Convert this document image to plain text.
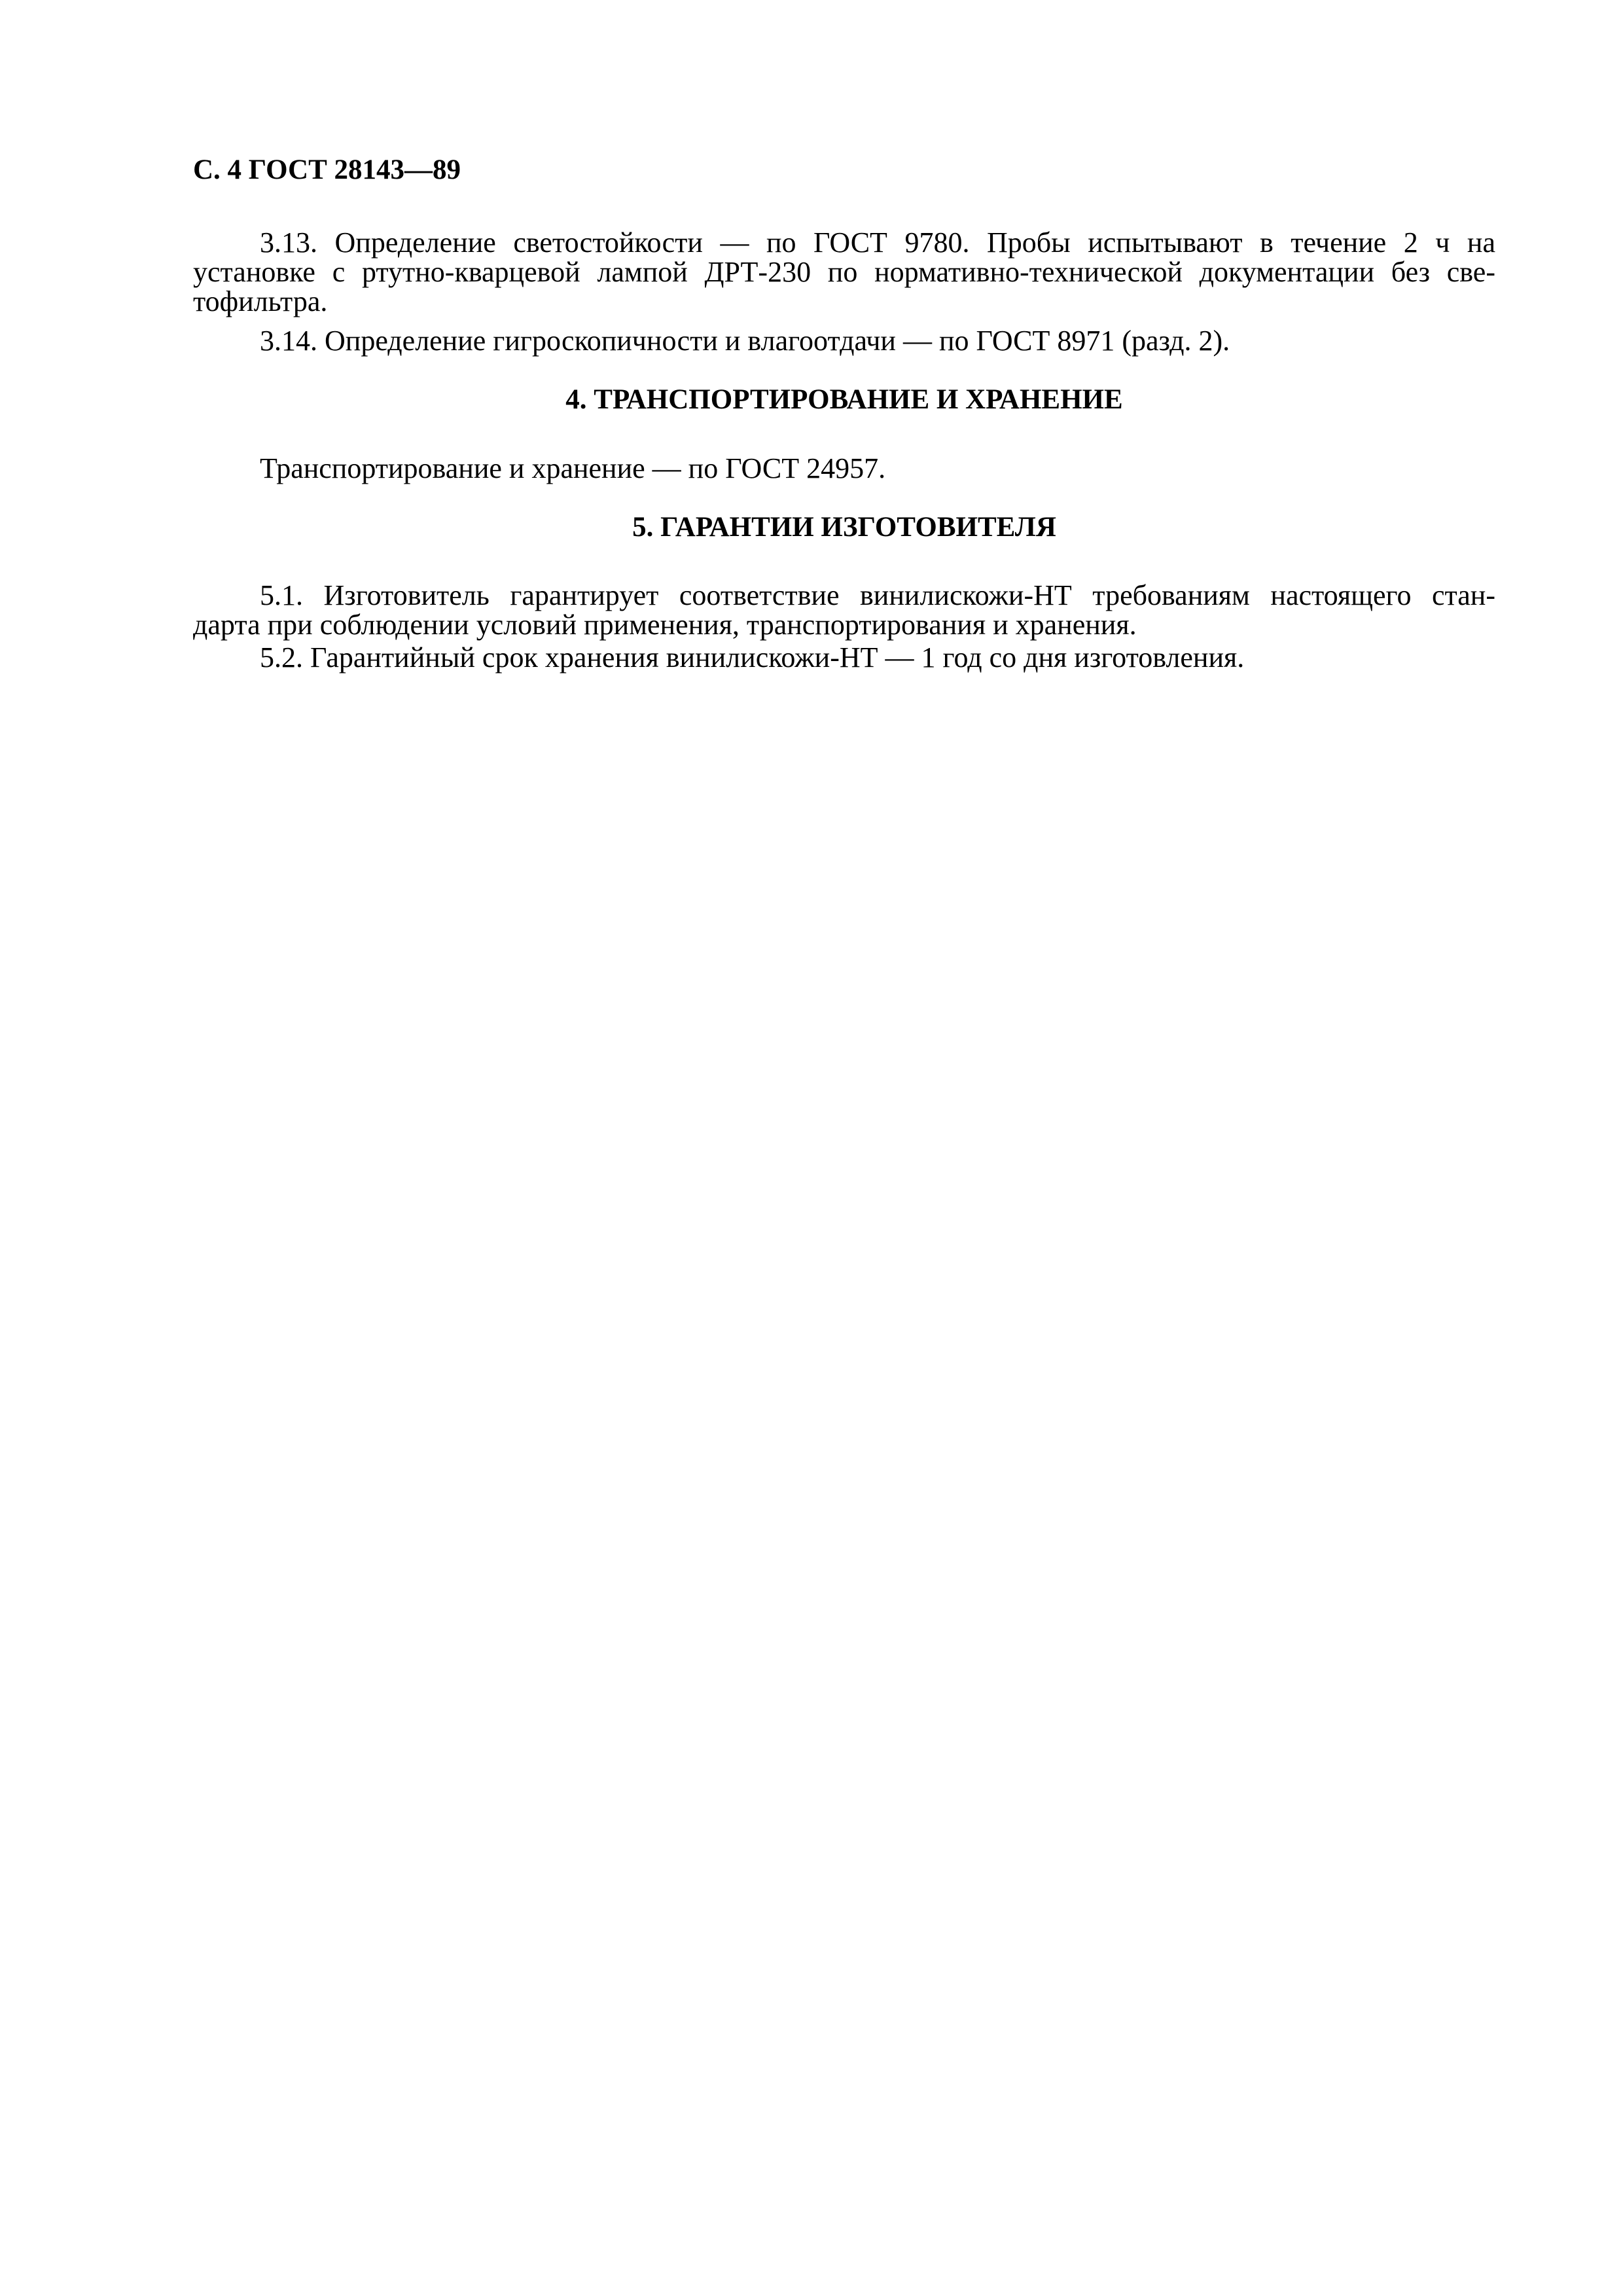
С. 4 ГОСТ 28143—89
3.13. Определение светостойкости — по ГОСТ 9780. Пробы испытывают в течение 2 ч на
установке с ртутно-кварцевой лампой ДРТ-230 по нормативно-технической документации без све-
тофильтра.
3.14. Определение гигроскопичности и влагоотдачи — по ГОСТ 8971 (разд. 2).
4. ТРАНСПОРТИРОВАНИЕ И ХРАНЕНИЕ
Транспортирование и хранение — по ГОСТ 24957.
5. ГАРАНТИИ ИЗГОТОВИТЕЛЯ
5.1. Изготовитель гарантирует соответствие винилискожи-НТ требованиям настоящего стан-
дарта при соблюдении условий применения, транспортирования и хранения.
5.2. Гарантийный срок хранения винилискожи-НТ — 1 год со дня изготовления.
